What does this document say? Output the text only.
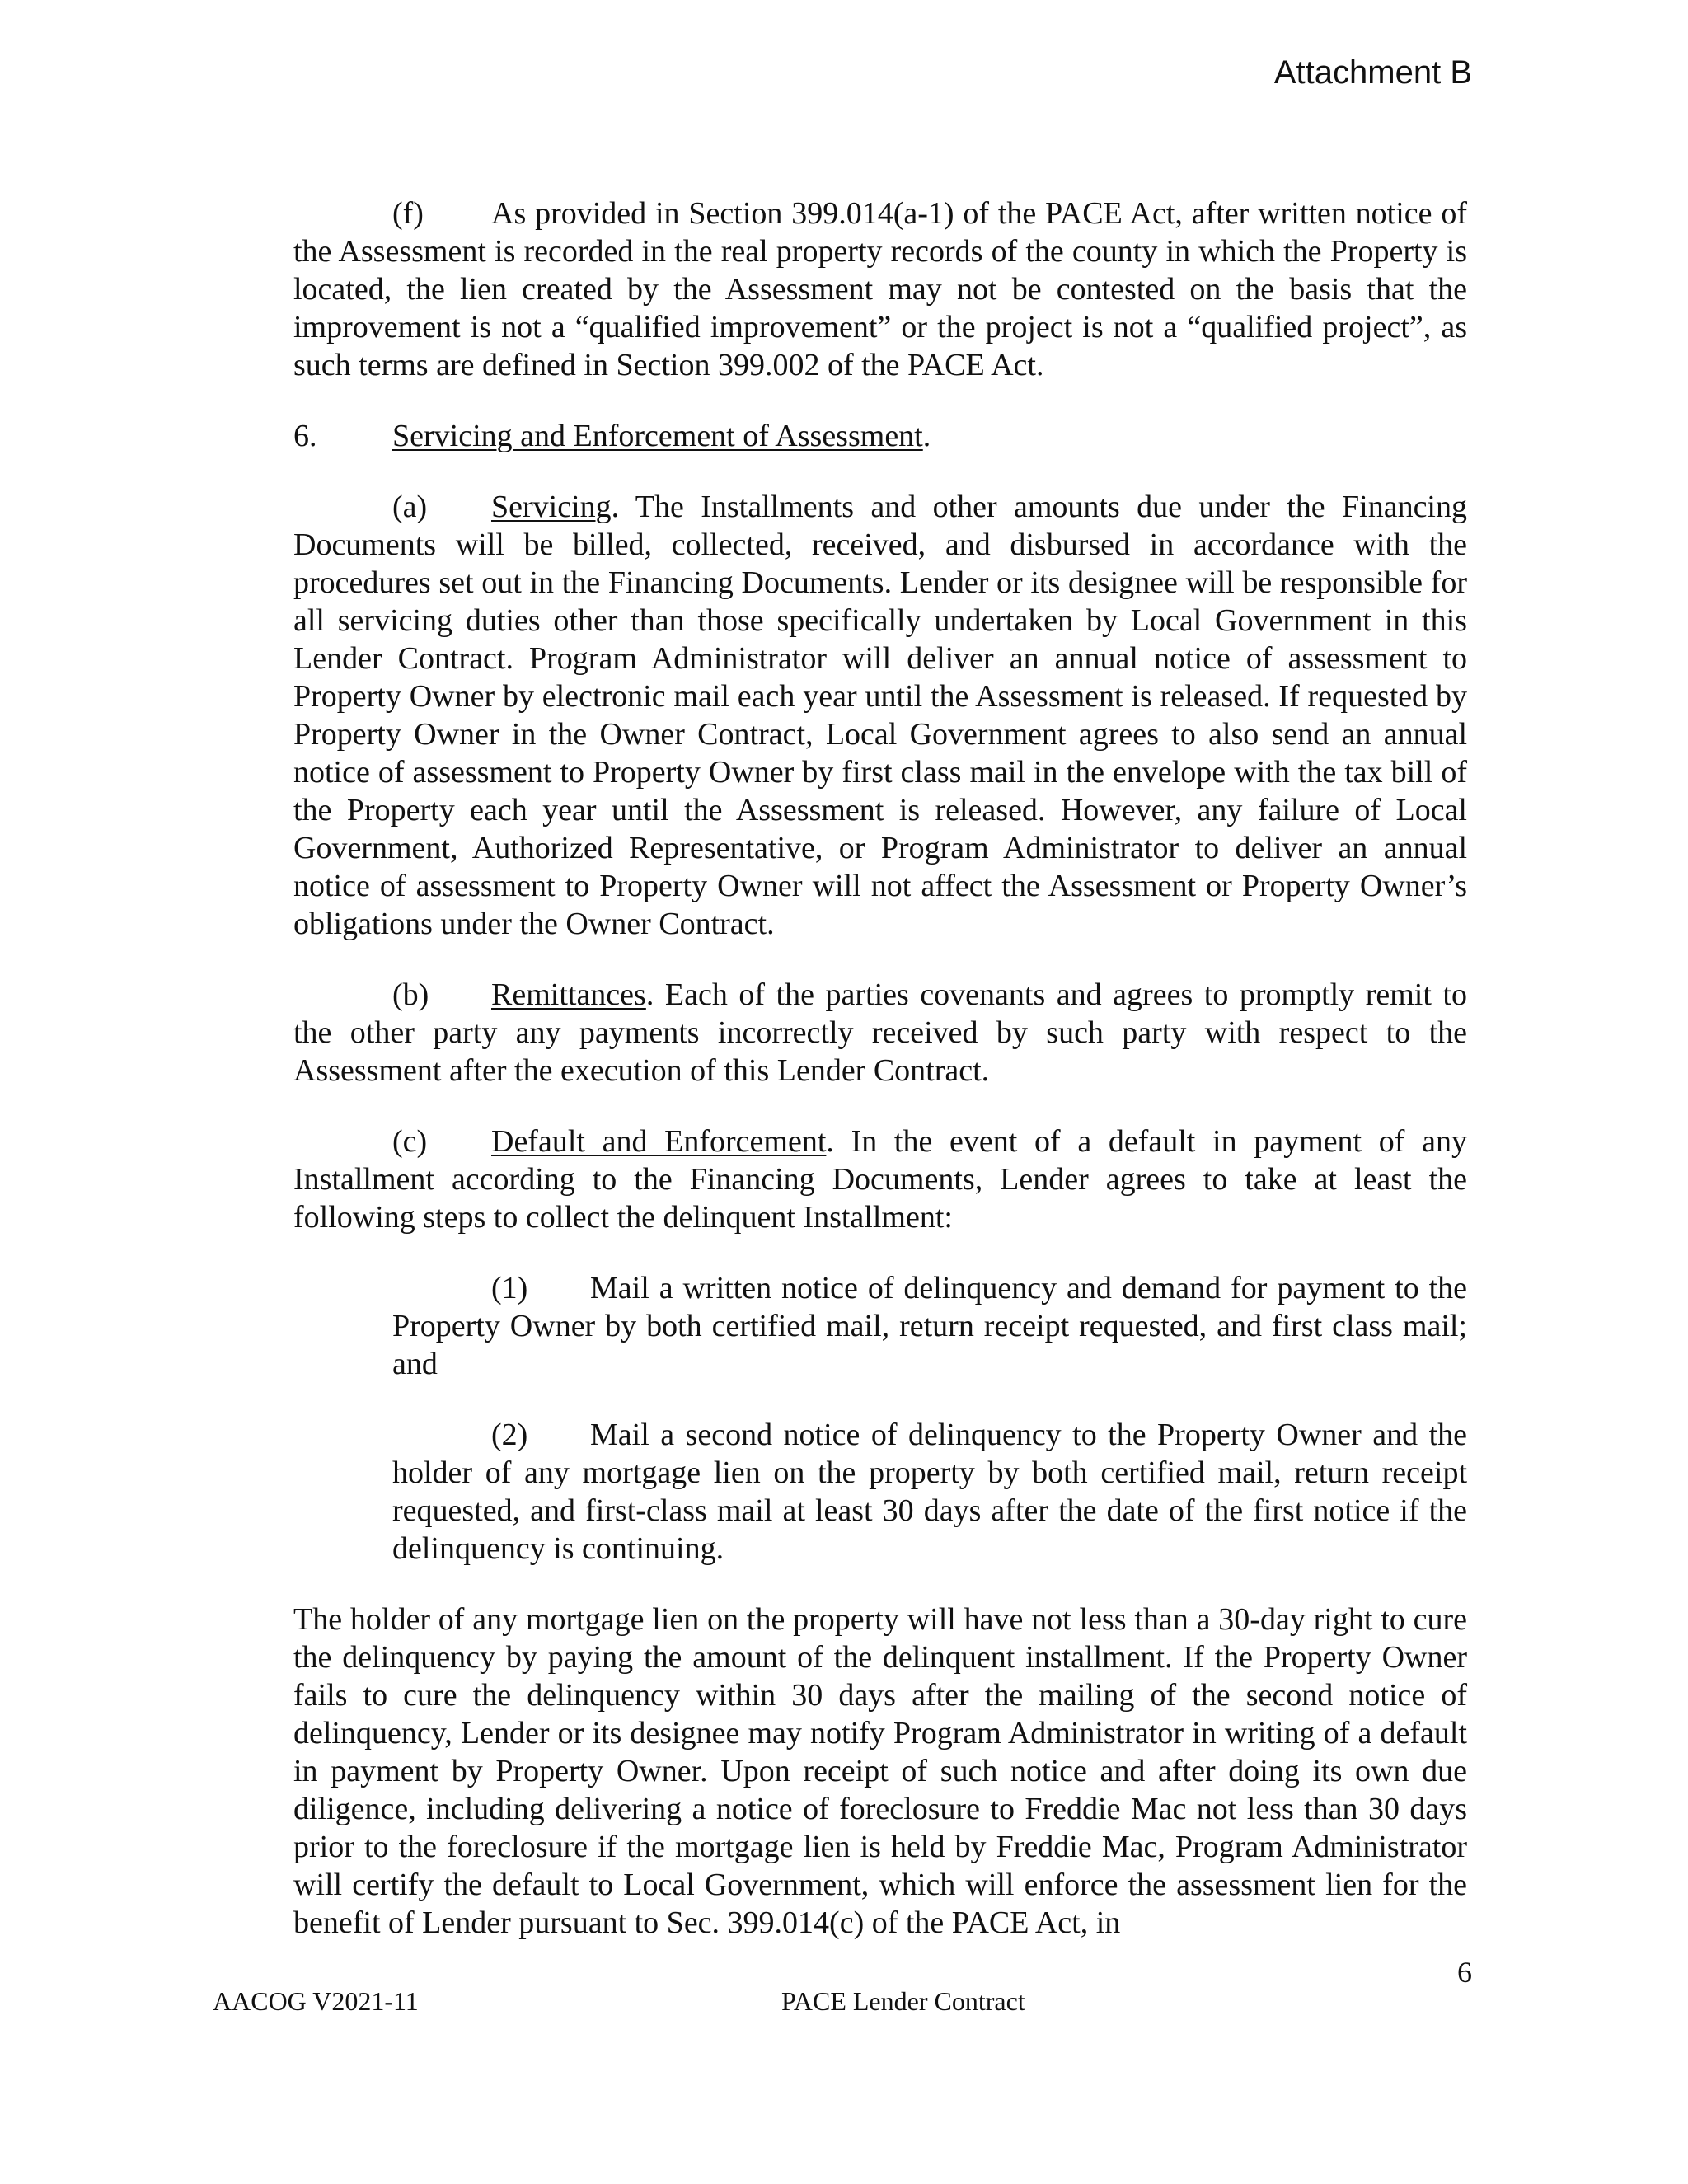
Attachment B

(f) As provided in Section 399.014(a-1) of the PACE Act, after written notice of the Assessment is recorded in the real property records of the county in which the Property is located, the lien created by the Assessment may not be contested on the basis that the improvement is not a “qualified improvement” or the project is not a “qualified project”, as such terms are defined in Section 399.002 of the PACE Act.

6. Servicing and Enforcement of Assessment.

(a) Servicing. The Installments and other amounts due under the Financing Documents will be billed, collected, received, and disbursed in accordance with the procedures set out in the Financing Documents. Lender or its designee will be responsible for all servicing duties other than those specifically undertaken by Local Government in this Lender Contract. Program Administrator will deliver an annual notice of assessment to Property Owner by electronic mail each year until the Assessment is released. If requested by Property Owner in the Owner Contract, Local Government agrees to also send an annual notice of assessment to Property Owner by first class mail in the envelope with the tax bill of the Property each year until the Assessment is released. However, any failure of Local Government, Authorized Representative, or Program Administrator to deliver an annual notice of assessment to Property Owner will not affect the Assessment or Property Owner’s obligations under the Owner Contract.

(b) Remittances. Each of the parties covenants and agrees to promptly remit to the other party any payments incorrectly received by such party with respect to the Assessment after the execution of this Lender Contract.

(c) Default and Enforcement. In the event of a default in payment of any Installment according to the Financing Documents, Lender agrees to take at least the following steps to collect the delinquent Installment:

(1) Mail a written notice of delinquency and demand for payment to the Property Owner by both certified mail, return receipt requested, and first class mail; and

(2) Mail a second notice of delinquency to the Property Owner and the holder of any mortgage lien on the property by both certified mail, return receipt requested, and first-class mail at least 30 days after the date of the first notice if the delinquency is continuing.

The holder of any mortgage lien on the property will have not less than a 30-day right to cure the delinquency by paying the amount of the delinquent installment. If the Property Owner fails to cure the delinquency within 30 days after the mailing of the second notice of delinquency, Lender or its designee may notify Program Administrator in writing of a default in payment by Property Owner. Upon receipt of such notice and after doing its own due diligence, including delivering a notice of foreclosure to Freddie Mac not less than 30 days prior to the foreclosure if the mortgage lien is held by Freddie Mac, Program Administrator will certify the default to Local Government, which will enforce the assessment lien for the benefit of Lender pursuant to Sec. 399.014(c) of the PACE Act, in

6
AACOG V2021-11	PACE Lender Contract
